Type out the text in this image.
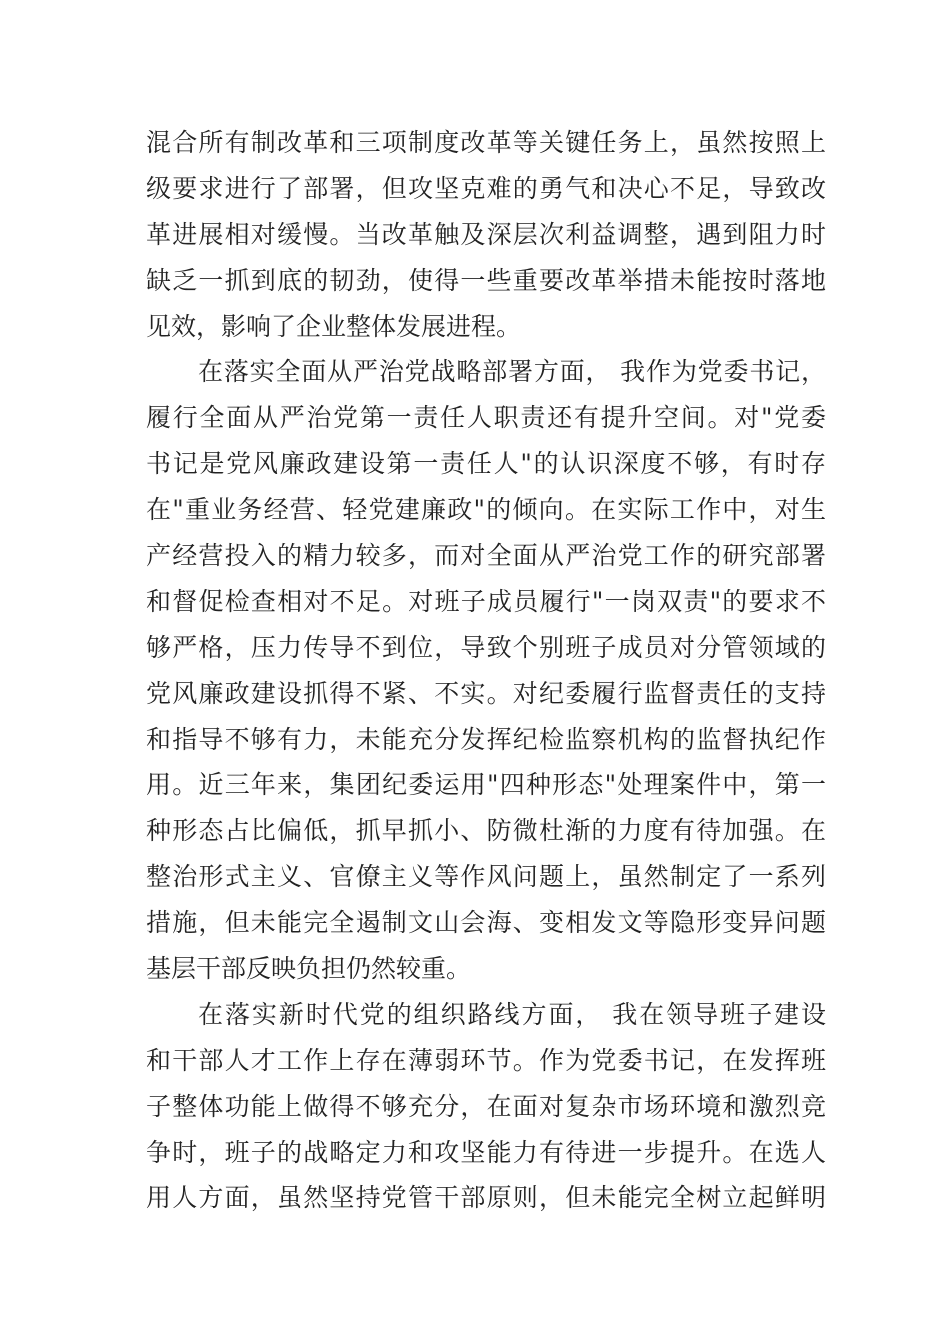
混合所有制改革和三项制度改革等关键任务上，虽然按照上
级要求进行了部署，但攻坚克难的勇气和决心不足，导致改
革进展相对缓慢。当改革触及深层次利益调整，遇到阻力时
缺乏一抓到底的韧劲，使得一些重要改革举措未能按时落地
见效，影响了企业整体发展进程。
在落实全面从严治党战略部署方面， 我作为党委书记，
履行全面从严治党第一责任人职责还有提升空间。对"党委
书记是党风廉政建设第一责任人"的认识深度不够，有时存
在"重业务经营、轻党建廉政"的倾向。在实际工作中，对生
产经营投入的精力较多，而对全面从严治党工作的研究部署
和督促检查相对不足。对班子成员履行"一岗双责"的要求不
够严格，压力传导不到位，导致个别班子成员对分管领域的
党风廉政建设抓得不紧、不实。对纪委履行监督责任的支持
和指导不够有力，未能充分发挥纪检监察机构的监督执纪作
用。近三年来，集团纪委运用"四种形态"处理案件中，第一
种形态占比偏低，抓早抓小、防微杜渐的力度有待加强。在
整治形式主义、官僚主义等作风问题上，虽然制定了一系列
措施，但未能完全遏制文山会海、变相发文等隐形变异问题
基层干部反映负担仍然较重。
在落实新时代党的组织路线方面， 我在领导班子建设
和干部人才工作上存在薄弱环节。作为党委书记，在发挥班
子整体功能上做得不够充分，在面对复杂市场环境和激烈竞
争时，班子的战略定力和攻坚能力有待进一步提升。在选人
用人方面，虽然坚持党管干部原则，但未能完全树立起鲜明
